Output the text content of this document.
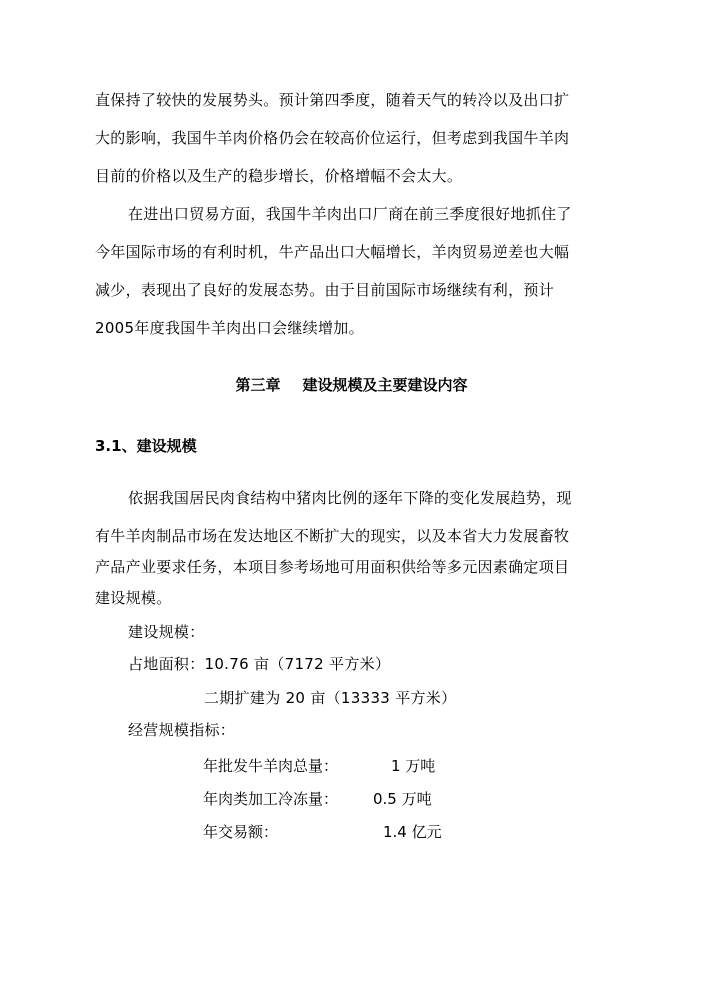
直保持了较快的发展势头。预计第四季度，随着天气的转冷以及出口扩
大的影响，我国牛羊肉价格仍会在较高价位运行，但考虑到我国牛羊肉
目前的价格以及生产的稳步增长，价格增幅不会太大。
在进出口贸易方面，我国牛羊肉出口厂商在前三季度很好地抓住了
今年国际市场的有利时机，牛产品出口大幅增长，羊肉贸易逆差也大幅
减少，表现出了良好的发展态势。由于目前国际市场继续有利，预计
2005年度我国牛羊肉出口会继续增加。
第三章 建设规模及主要建设内容
3.1、建设规模
依据我国居民肉食结构中猪肉比例的逐年下降的变化发展趋势，现
有牛羊肉制品市场在发达地区不断扩大的现实，以及本省大力发展畜牧
产品产业要求任务，本项目参考场地可用面积供给等多元因素确定项目
建设规模。
建设规模：
占地面积：10.76 亩（7172 平方米）
二期扩建为 20 亩（13333 平方米）
经营规模指标：
年批发牛羊肉总量：	1 万吨
年肉类加工冷冻量： 0.5 万吨
年交易额：	1.4 亿元
